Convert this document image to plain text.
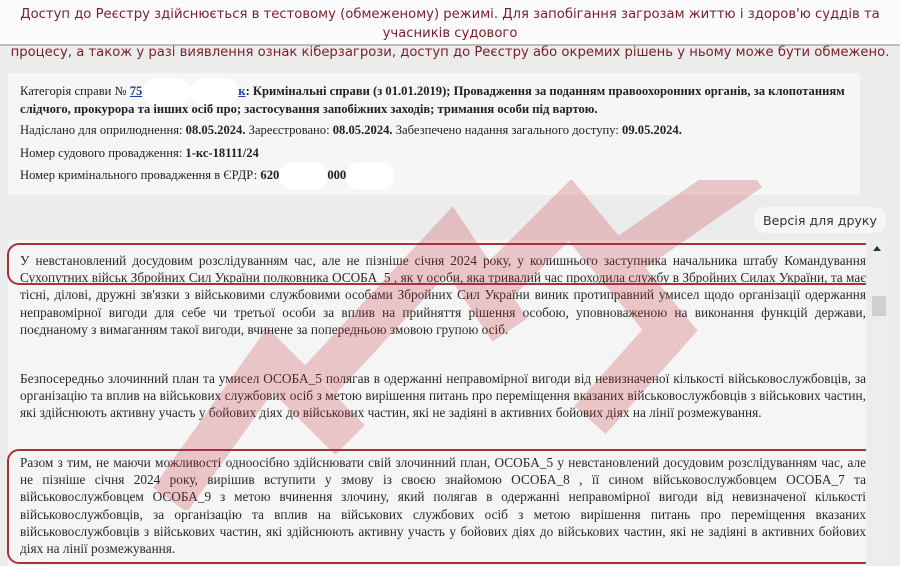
Доступ до Реєстру здійснюється в тестовому (обмеженому) режимі. Для запобігання загрозам життю і здоров'ю суддів та учасників судового
процесу, а також у разі виявлення ознак кіберзагрози, доступ до Реєстру або окремих рішень у ньому може бути обмежено.
Категорія справи № 75	к: Кримінальні справи (з 01.01.2019); Провадження за поданням правоохоронних органів, за клопотанням
слідчого, прокурора та інших осіб про; застосування запобіжних заходів; тримання особи під вартою.
Надіслано для оприлюднення: 08.05.2024. Зареєстровано: 08.05.2024. Забезпечено надання загального доступу: 09.05.2024.
Номер судового провадження: 1-кс-18111/24
Номер кримінального провадження в ЄРДР: 620	000
Версія для друку
У невстановлений досудовим розслідуванням час, але не пізніше січня 2024 року, у колишнього заступника начальника штабу Командування Сухопутних військ Збройних Сил України полковника ОСОБА_5 , як у особи, яка тривалий час проходила службу в Збройних Силах України, та має тісні, ділові, дружні зв'язки з військовими службовими особами Збройних Сил України виник протиправний умисел щодо організації одержання неправомірної вигоди для себе чи третьої особи за вплив на прийняття рішення особою, уповноваженою на виконання функцій держави, поєднаному з вимаганням такої вигоди, вчинене за попередньою змовою групою осіб.
Безпосередньо злочинний план та умисел ОСОБА_5 полягав в одержанні неправомірної вигоди від невизначеної кількості військовослужбовців, за організацію та вплив на військових службових осіб з метою вирішення питань про переміщення вказаних військовослужбовців з військових частин, які здійснюють активну участь у бойових діях до військових частин, які не задіяні в активних бойових діях на лінії розмежування.
Разом з тим, не маючи можливості одноосібно здійснювати свій злочинний план, ОСОБА_5 у невстановлений досудовим розслідуванням час, але не пізніше січня 2024 року, вирішив вступити у змову із своєю знайомою ОСОБА_8 , її сином військовослужбовцем ОСОБА_7 та військовослужбовцем ОСОБА_9 з метою вчинення злочину, який полягав в одержанні неправомірної вигоди від невизначеної кількості військовослужбовців, за організацію та вплив на військових службових осіб з метою вирішення питань про переміщення вказаних військовослужбовців з військових частин, які здійснюють активну участь у бойових діях до військових частин, які не задіяні в активних бойових діях на лінії розмежування.
